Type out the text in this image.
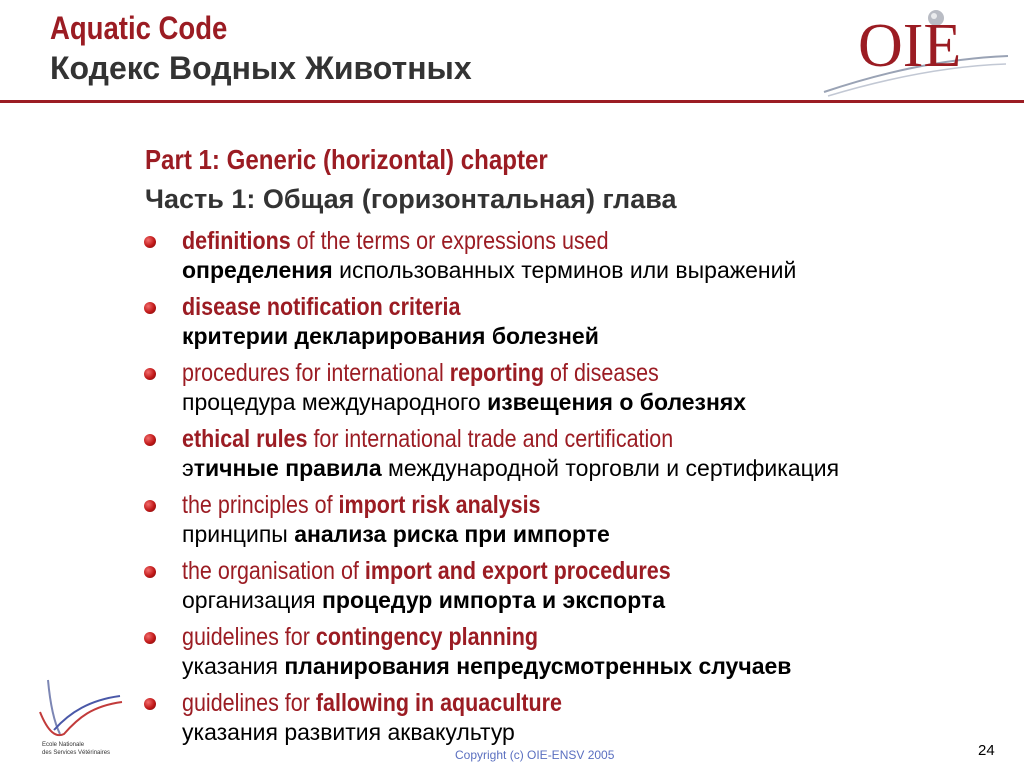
Aquatic Code
Кодекс Водных Животных	OIE
Part 1: Generic (horizontal) chapter
Часть 1: Общая (горизонтальная) глава
definitions of the terms or expressions used
определения использованных терминов или выражений
disease notification criteria
критерии декларирования болезней
procedures for international reporting of diseases
процедура международного извещения о болезнях
ethical rules for international trade and certification
этичные правила международной торговли и сертификация
the principles of import risk analysis
принципы анализа риска при импорте
the organisation of import and export procedures
организация процедур импорта и экспорта
guidelines for contingency planning
указания планирования непредусмотренных случаев
guidelines for fallowing in aquaculture
указания развития аквакультур
Ecole Nationale
des Services Vétérinaires	Copyright (c) OIE-ENSV 2005	24
